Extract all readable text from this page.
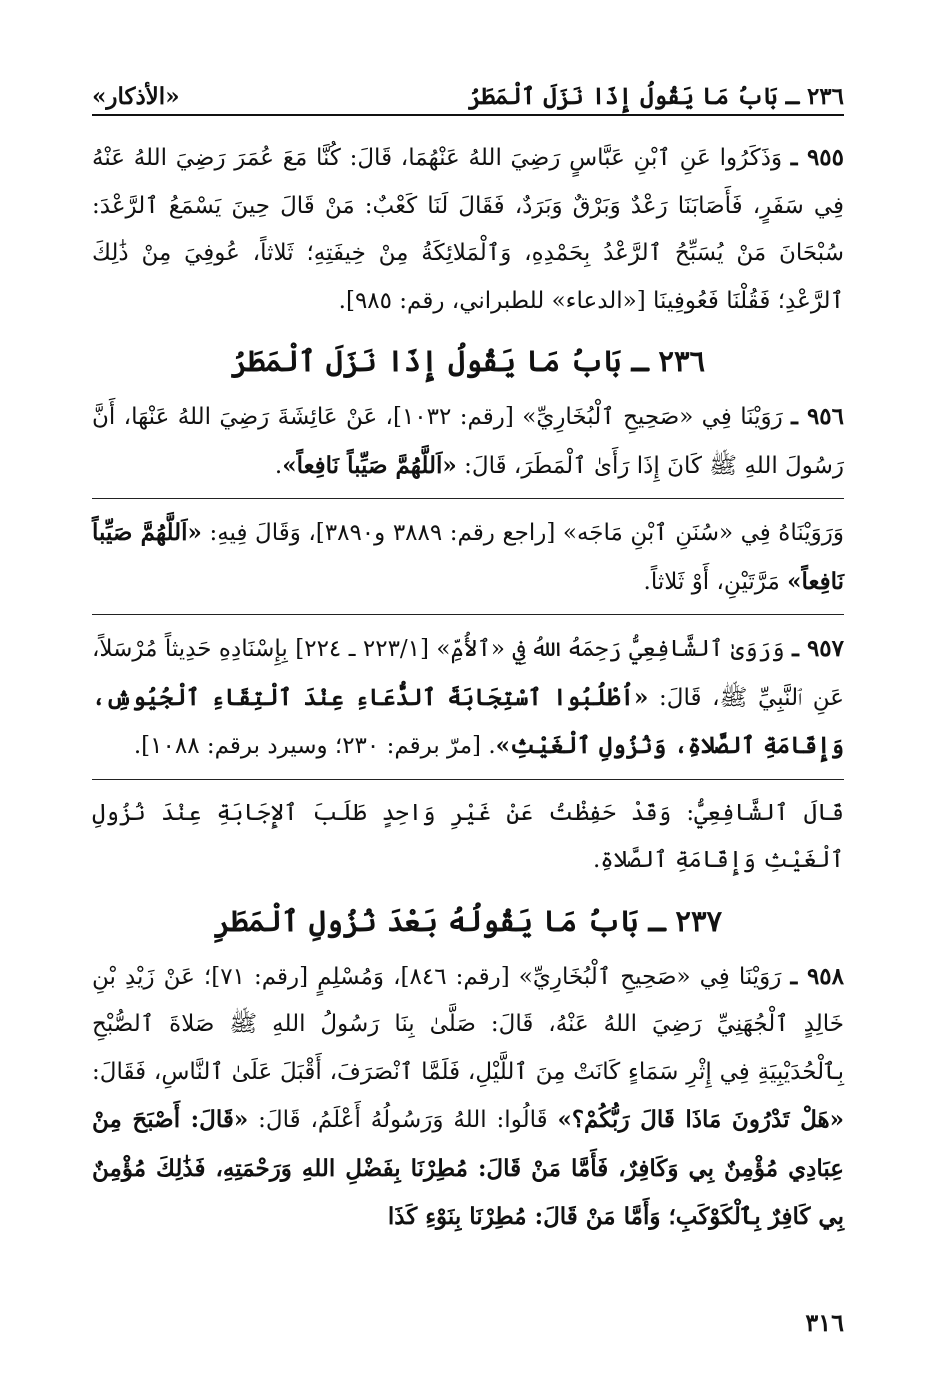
٢٣٦ ـ بَابُ مَا يَقُولُ إِذَا نَزَلَ ٱلْمَطَرُ
«الأذكار»

٩٥٥ ـ وَذَكَرُوا عَنِ ٱبْنِ عَبَّاسٍ رَضِيَ اللهُ عَنْهُمَا، قَالَ: كُنَّا مَعَ عُمَرَ رَضِيَ اللهُ عَنْهُ فِي سَفَرٍ، فَأَصَابَنَا رَعْدٌ وَبَرْقٌ وَبَرَدٌ، فَقَالَ لَنَا كَعْبٌ: مَنْ قَالَ حِينَ يَسْمَعُ ٱلرَّعْدَ: سُبْحَانَ مَنْ يُسَبِّحُ ٱلرَّعْدُ بِحَمْدِهِ، وَٱلْمَلائِكَةُ مِنْ خِيفَتِهِ؛ ثَلاثاً، عُوفِيَ مِنْ ذَٰلِكَ ٱلرَّعْدِ؛ فَقُلْنَا فَعُوفِينَا [«الدعاء» للطبراني، رقم: ٩٨٥].

٢٣٦ ـ بَابُ مَا يَقُولُ إِذَا نَزَلَ ٱلْمَطَرُ

٩٥٦ ـ رَوَيْنَا فِي «صَحِيحِ ٱلْبُخَارِيِّ» [رقم: ١٠٣٢]، عَنْ عَائِشَةَ رَضِيَ اللهُ عَنْهَا، أَنَّ رَسُولَ اللهِ ﷺ كَانَ إِذَا رَأَىٰ ٱلْمَطَرَ، قَالَ: «اَللَّهُمَّ صَيِّباً نَافِعاً».

وَرَوَيْنَاهُ فِي «سُنَنِ ٱبْنِ مَاجَه» [راجع رقم: ٣٨٨٩ و٣٨٩٠]، وَقَالَ فِيهِ: «اَللَّهُمَّ صَيِّباً نَافِعاً» مَرَّتَيْنِ، أَوْ ثَلاثاً.

٩٥٧ ـ وَرَوَىٰ ٱلشَّافِعِيُّ رَحِمَهُ اللهُ فِي «ٱلأُمِّ» [٢٢٣/١ ـ ٢٢٤] بِإِسْنَادِهِ حَدِيثاً مُرْسَلاً، عَنِ ٱلنَّبِيِّ ﷺ، قَالَ: «اُطْلُبُوا ٱسْتِجَابَةَ ٱلدُّعَاءِ عِنْدَ ٱلْتِقَاءِ ٱلْجُيُوشِ، وَإِقَامَةِ ٱلصَّلاةِ، وَنُزُولِ ٱلْغَيْثِ». [مرّ برقم: ٢٣٠؛ وسيرد برقم: ١٠٨٨].

قَالَ ٱلشَّافِعِيُّ: وَقَدْ حَفِظْتُ عَنْ غَيْرِ وَاحِدٍ طَلَبَ ٱلإِجَابَةِ عِنْدَ نُزُولِ ٱلْغَيْثِ وَإِقَامَةِ ٱلصَّلاةِ.

٢٣٧ ـ بَابُ مَا يَقُولُهُ بَعْدَ نُزُولِ ٱلْمَطَرِ

٩٥٨ ـ رَوَيْنَا فِي «صَحِيحِ ٱلْبُخَارِيِّ» [رقم: ٨٤٦]، وَمُسْلِمٍ [رقم: ٧١]؛ عَنْ زَيْدِ بْنِ خَالِدٍ ٱلْجُهَنِيِّ رَضِيَ اللهُ عَنْهُ، قَالَ: صَلَّىٰ بِنَا رَسُولُ اللهِ ﷺ صَلاةَ ٱلصُّبْحِ بِٱلْحُدَيْبِيَةِ فِي إِثْرِ سَمَاءٍ كَانَتْ مِنَ ٱللَّيْلِ، فَلَمَّا ٱنْصَرَفَ، أَقْبَلَ عَلَىٰ ٱلنَّاسِ، فَقَالَ: «هَلْ تَدْرُونَ مَاذَا قَالَ رَبُّكُمْ؟» قَالُوا: اللهُ وَرَسُولُهُ أَعْلَمُ، قَالَ: «قَالَ: أَصْبَحَ مِنْ عِبَادِي مُؤْمِنٌ بِي وَكَافِرٌ، فَأَمَّا مَنْ قَالَ: مُطِرْنَا بِفَضْلِ اللهِ وَرَحْمَتِهِ، فَذَٰلِكَ مُؤْمِنٌ بِي كَافِرٌ بِٱلْكَوْكَبِ؛ وَأَمَّا مَنْ قَالَ: مُطِرْنَا بِنَوْءِ كَذَا

٣١٦
